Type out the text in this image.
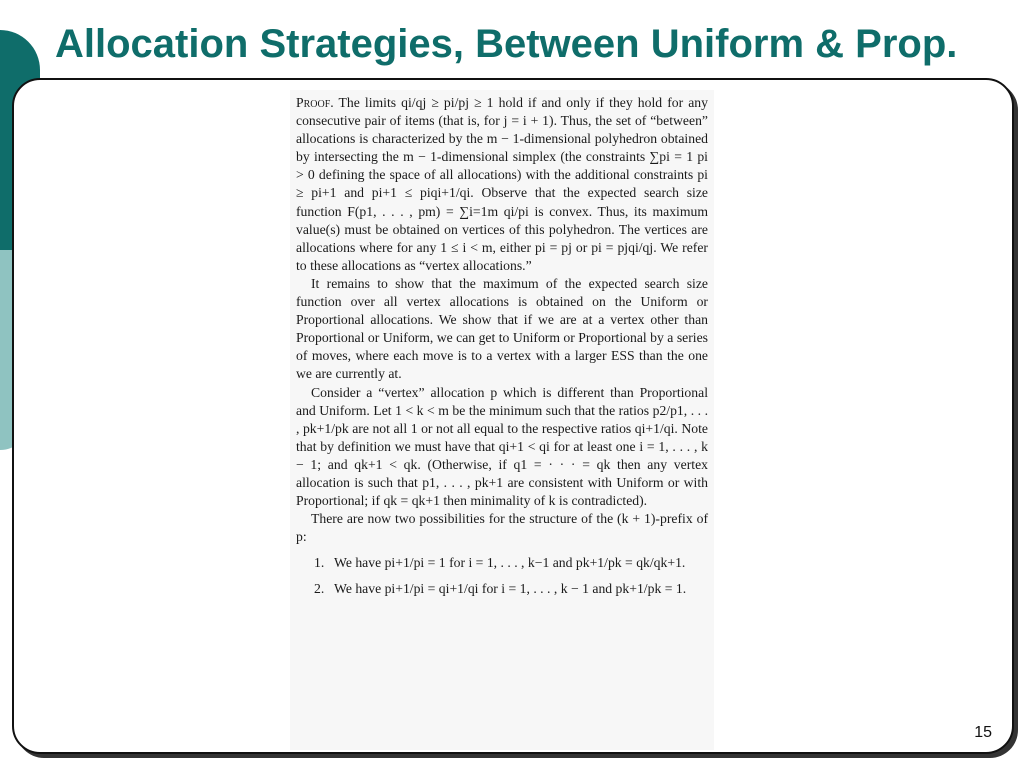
Allocation Strategies, Between Uniform & Prop.

Proof. The limits qi/qj ≥ pi/pj ≥ 1 hold if and only if they hold for any consecutive pair of items (that is, for j = i + 1). Thus, the set of “between” allocations is characterized by the m − 1-dimensional polyhedron obtained by intersecting the m − 1-dimensional simplex (the constraints ∑pi = 1 pi > 0 defining the space of all allocations) with the additional constraints pi ≥ pi+1 and pi+1 ≤ piqi+1/qi. Observe that the expected search size function F(p1, . . . , pm) = ∑i=1m qi/pi is convex. Thus, its maximum value(s) must be obtained on vertices of this polyhedron. The vertices are allocations where for any 1 ≤ i < m, either pi = pj or pi = pjqi/qj. We refer to these allocations as “vertex allocations.”

It remains to show that the maximum of the expected search size function over all vertex allocations is obtained on the Uniform or Proportional allocations. We show that if we are at a vertex other than Proportional or Uniform, we can get to Uniform or Proportional by a series of moves, where each move is to a vertex with a larger ESS than the one we are currently at.

Consider a “vertex” allocation p which is different than Proportional and Uniform. Let 1 < k < m be the minimum such that the ratios p2/p1, . . . , pk+1/pk are not all 1 or not all equal to the respective ratios qi+1/qi. Note that by definition we must have that qi+1 < qi for at least one i = 1, . . . , k − 1; and qk+1 < qk. (Otherwise, if q1 = · · · = qk then any vertex allocation is such that p1, . . . , pk+1 are consistent with Uniform or with Proportional; if qk = qk+1 then minimality of k is contradicted).

There are now two possibilities for the structure of the (k + 1)-prefix of p:

1. We have pi+1/pi = 1 for i = 1, . . . , k−1 and pk+1/pk = qk/qk+1.
2. We have pi+1/pi = qi+1/qi for i = 1, . . . , k − 1 and pk+1/pk = 1.
15
